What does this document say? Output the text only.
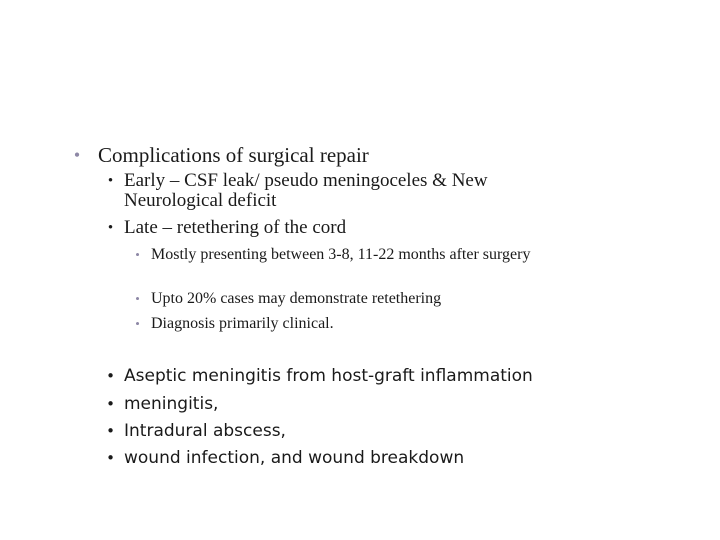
• Complications of surgical repair
• Early – CSF leak/ pseudo meningoceles & New Neurological deficit
• Late – retethering of the cord
• Mostly presenting between 3-8, 11-22 months after surgery
• Upto 20% cases may demonstrate retethering
• Diagnosis primarily clinical.
• Aseptic meningitis from host-graft inflammation
• meningitis,
• Intradural abscess,
• wound infection, and wound breakdown
